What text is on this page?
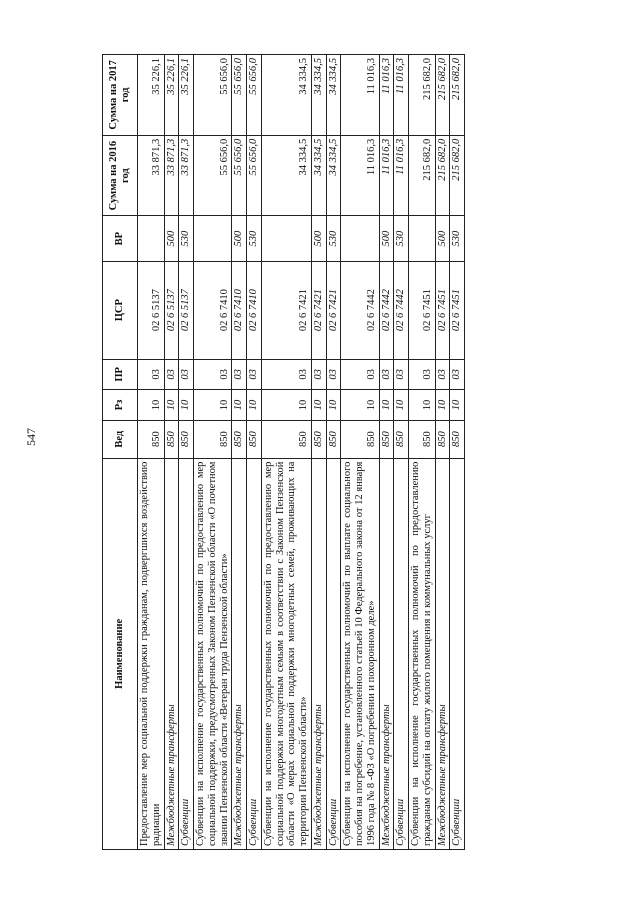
547
Наименование	Вед	Рз	ПР	ЦСР	ВР	Сумма на 2016 год	Сумма на 2017 год
Предоставление мер социальной поддержки гражданам, подвергшихся воздействию радиации	850	10	03	02 6 5137		33 871,3	35 226,1
Межбюджетные трансферты	850	10	03	02 6 5137	500	33 871,3	35 226,1
Субвенции	850	10	03	02 6 5137	530	33 871,3	35 226,1
Субвенции на исполнение государственных полномочий по предоставлению мер социальной поддержки, предусмотренных Законом Пензенской области «О почетном звании Пензенской области «Ветеран труда Пензенской области»	850	10	03	02 6 7410		55 656,0	55 656,0
Межбюджетные трансферты	850	10	03	02 6 7410	500	55 656,0	55 656,0
Субвенции	850	10	03	02 6 7410	530	55 656,0	55 656,0
Субвенции на исполнение государственных полномочий по предоставлению мер социальной поддержки многодетным семьям в соответствии с Законом Пензенской области «О мерах социальной поддержки многодетных семей, проживающих на территории Пензенской области»	850	10	03	02 6 7421		34 334,5	34 334,5
Межбюджетные трансферты	850	10	03	02 6 7421	500	34 334,5	34 334,5
Субвенции	850	10	03	02 6 7421	530	34 334,5	34 334,5
Субвенции на исполнение государственных полномочий по выплате социального пособия на погребение, установленного статьей 10 Федерального закона от 12 января 1996 года № 8 -ФЗ «О погребении и похоронном деле»	850	10	03	02 6 7442		11 016,3	11 016,3
Межбюджетные трансферты	850	10	03	02 6 7442	500	11 016,3	11 016,3
Субвенции	850	10	03	02 6 7442	530	11 016,3	11 016,3
Субвенции на исполнение государственных полномочий по предоставлению гражданам субсидий на оплату жилого помещения и коммунальных услуг	850	10	03	02 6 7451		215 682,0	215 682,0
Межбюджетные трансферты	850	10	03	02 6 7451	500	215 682,0	215 682,0
Субвенции	850	10	03	02 6 7451	530	215 682,0	215 682,0
